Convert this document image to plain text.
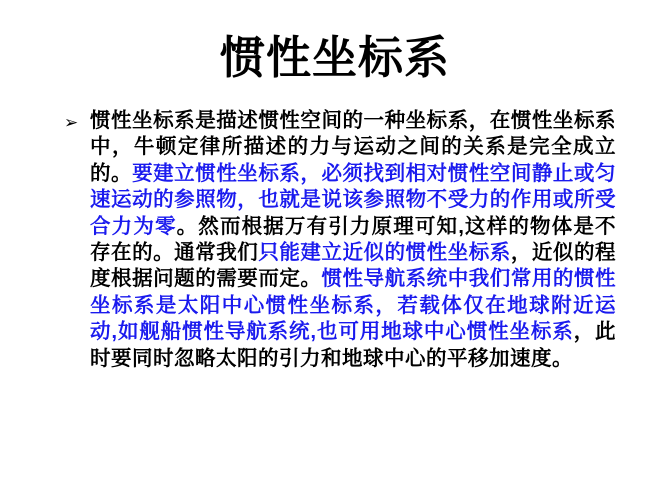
惯性坐标系
➢ 惯性坐标系是描述惯性空间的一种坐标系，在惯性坐标系中，牛顿定律所描述的力与运动之间的关系是完全成立的。要建立惯性坐标系，必须找到相对惯性空间静止或匀速运动的参照物，也就是说该参照物不受力的作用或所受合力为零。然而根据万有引力原理可知,这样的物体是不存在的。通常我们只能建立近似的惯性坐标系，近似的程度根据问题的需要而定。惯性导航系统中我们常用的惯性坐标系是太阳中心惯性坐标系，若载体仅在地球附近运动,如舰船惯性导航系统,也可用地球中心惯性坐标系，此时要同时忽略太阳的引力和地球中心的平移加速度。
